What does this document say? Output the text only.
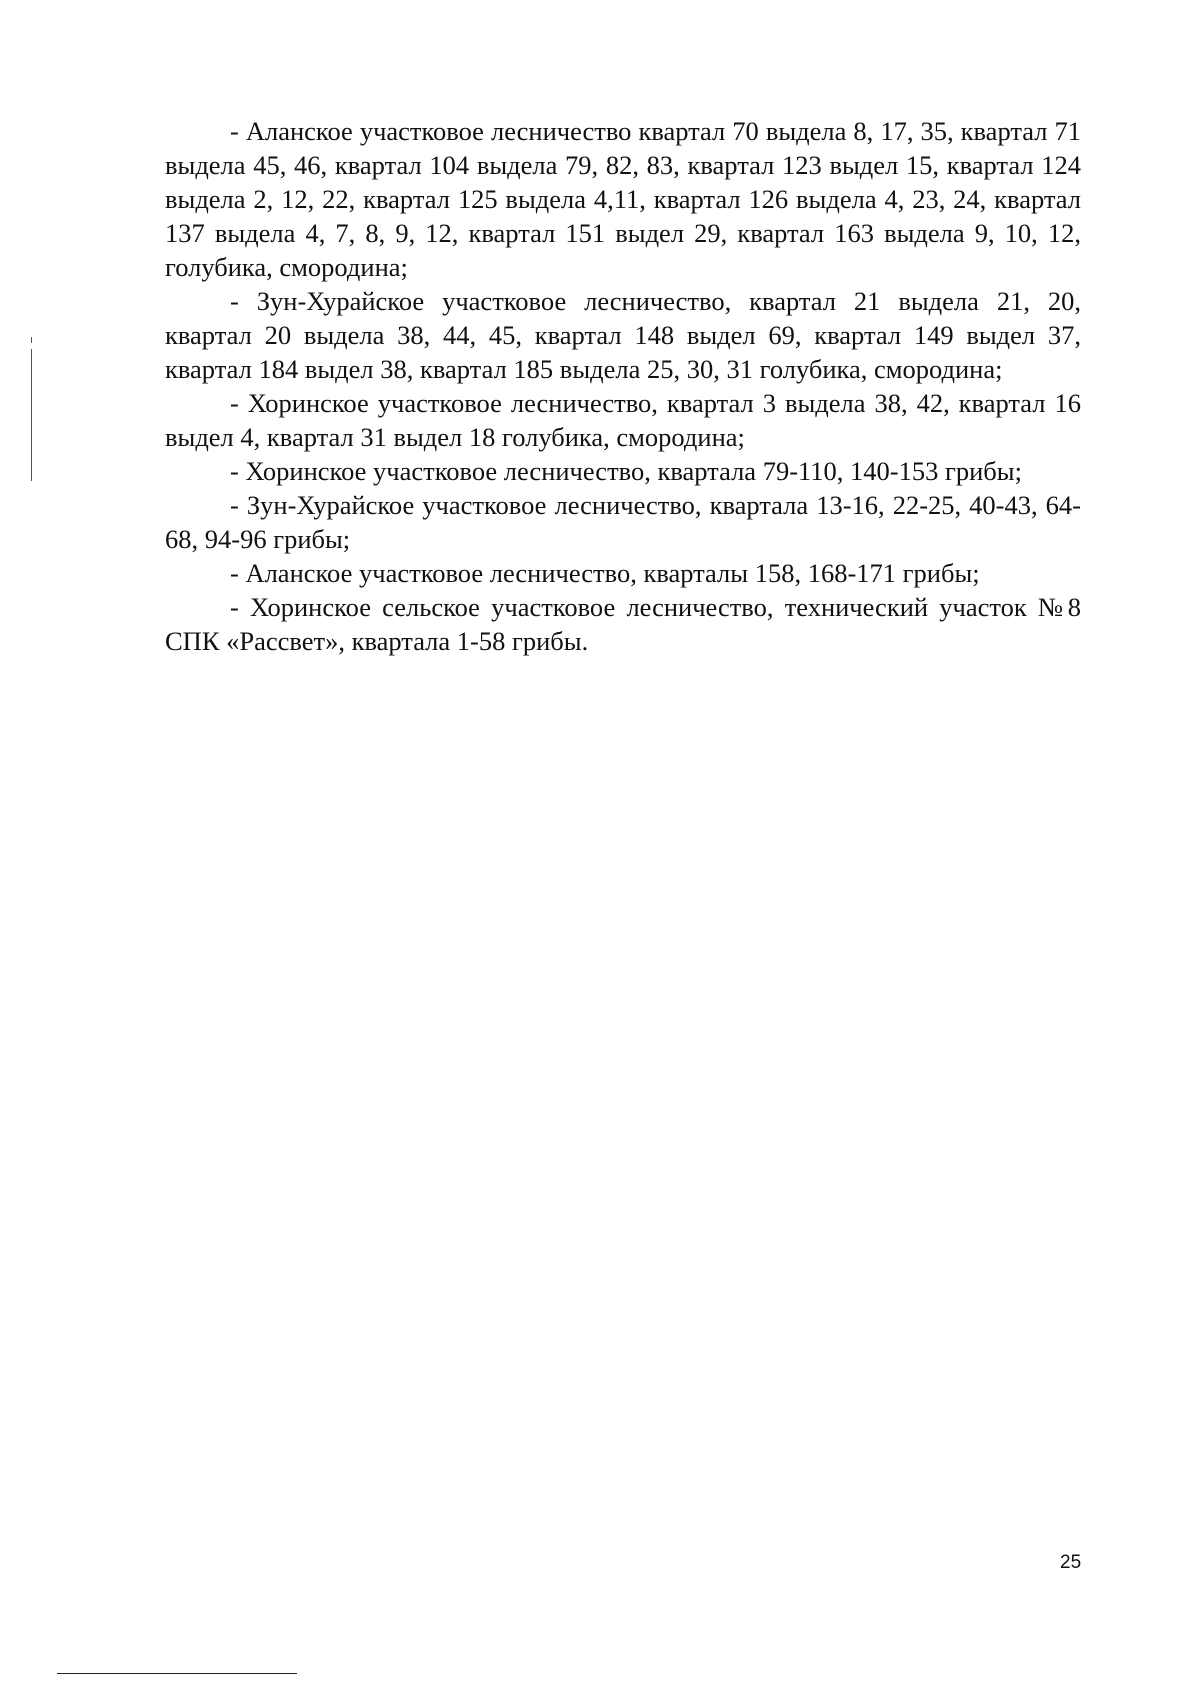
- Аланское участковое лесничество квартал 70 выдела 8, 17, 35, квартал 71 выдела 45, 46, квартал 104 выдела 79, 82, 83, квартал 123 выдел 15, квартал 124 выдела 2, 12, 22, квартал 125 выдела 4,11, квартал 126 выдела 4, 23, 24, квартал 137 выдела 4, 7, 8, 9, 12, квартал 151 выдел 29, квартал 163 выдела 9, 10, 12, голубика, смородина;

- Зун-Хурайское участковое лесничество, квартал 21 выдела 21, 20, квартал 20 выдела 38, 44, 45, квартал 148 выдел 69, квартал 149 выдел 37, квартал 184 выдел 38, квартал 185 выдела 25, 30, 31 голубика, смородина;

- Хоринское участковое лесничество, квартал 3 выдела 38, 42, квартал 16 выдел 4, квартал 31 выдел 18 голубика, смородина;

- Хоринское участковое лесничество, квартала 79-110, 140-153 грибы;

- Зун-Хурайское участковое лесничество, квартала 13-16, 22-25, 40-43, 64-68, 94-96 грибы;

- Аланское участковое лесничество, кварталы 158, 168-171 грибы;

- Хоринское сельское участковое лесничество, технический участок №8 СПК «Рассвет», квартала 1-58 грибы.

25
